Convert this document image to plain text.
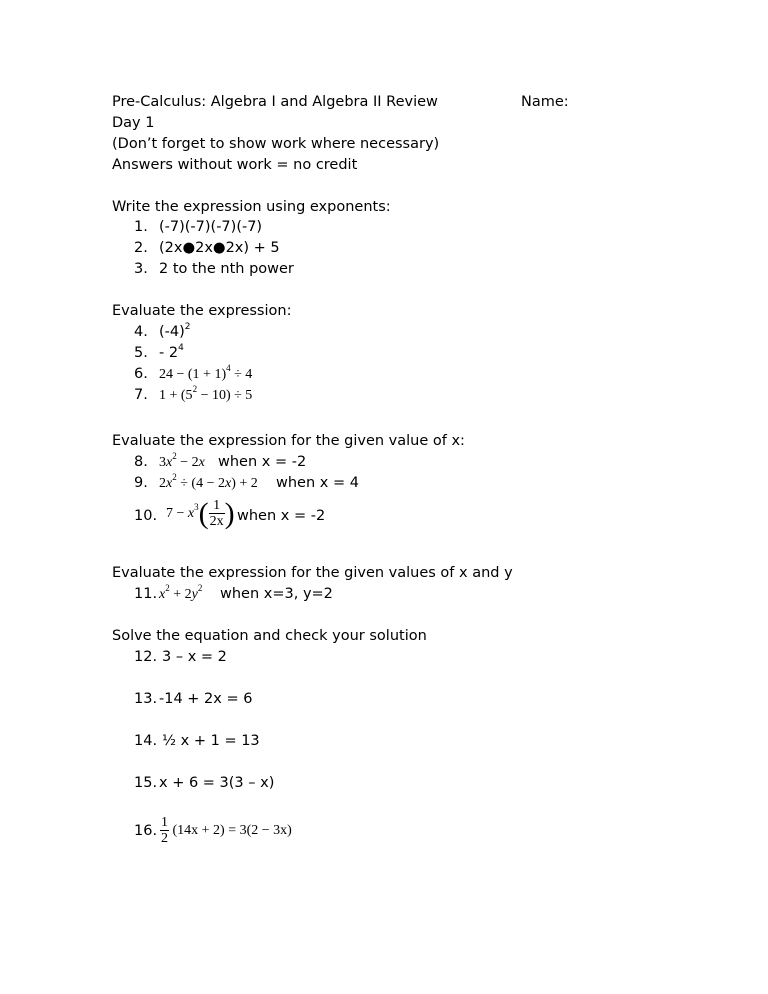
Pre-Calculus: Algebra I and Algebra II Review	Name:
Day 1
(Don’t forget to show work where necessary)
Answers without work = no credit
Write the expression using exponents:
1. (-7)(-7)(-7)(-7)
2. (2x●2x●2x) + 5
3. 2 to the nth power
Evaluate the expression:
4. $(-4)^2$
5. - $2^4$
6. $24 - (1 + 1)^4 \div 4$
7. $1 + (5^2 - 10) \div 5$
Evaluate the expression for the given value of x:
8. $3x^2 - 2x$ when x = -2
9. $2x^2 \div (4 - 2x) + 2$ when x = 4
10. $7 - x^3( \frac{1}{2x}$ ) when x = -2
Evaluate the expression for the given values of x and y
11. $x^2 + 2y^2$ when x=3, y=2
Solve the equation and check your solution
12. 3 – x = 2
13. -14 + 2x = 6
14. ½ x + 1 = 13
15. x + 6 = 3(3 – x)
16. $\frac{1}{2} (14x + 2) = 3(2 - 3x)$
